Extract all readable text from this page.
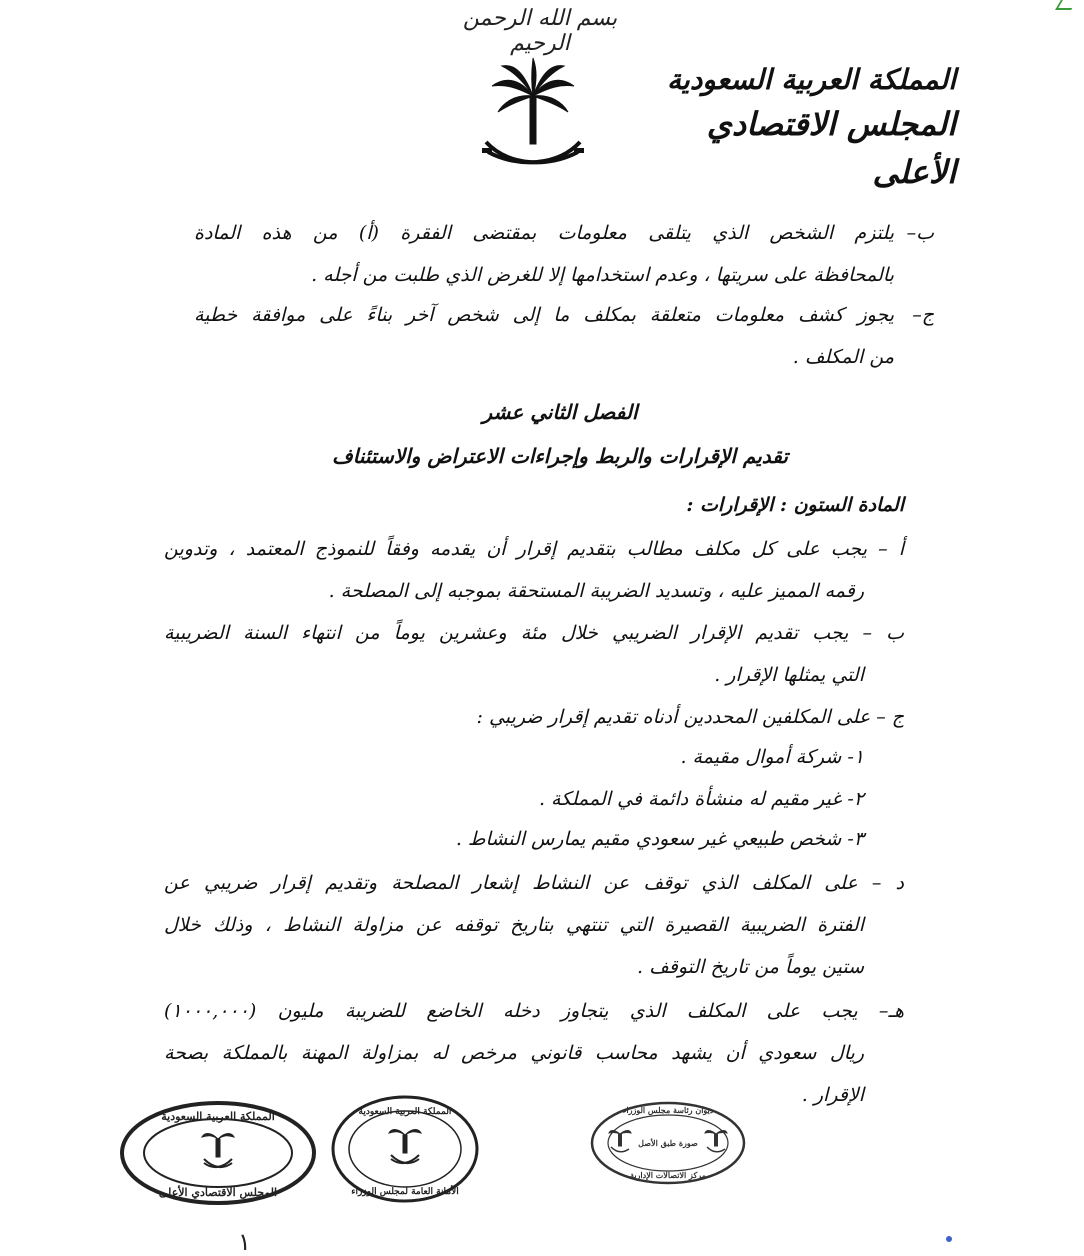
بسم الله الرحمن الرحيم
المملكة العربية السعودية
المجلس الاقتصادي الأعلى
ب–
يلتزم الشخص الذي يتلقى معلومات بمقتضى الفقرة (أ) من هذه المادة
بالمحافظة على سريتها ، وعدم استخدامها إلا للغرض الذي طلبت من أجله .
ج–
يجوز كشف معلومات متعلقة بمكلف ما إلى شخص آخر بناءً على موافقة خطية
من المكلف .
الفصل الثاني عشر
تقديم الإقرارات والربط وإجراءات الاعتراض والاستئناف
المادة الستون : الإقرارات :
أ – يجب على كل مكلف مطالب بتقديم إقرار أن يقدمه وفقاً للنموذج المعتمد ، وتدوين
رقمه المميز عليه ، وتسديد الضريبة المستحقة بموجبه إلى المصلحة .
ب – يجب تقديم الإقرار الضريبي خلال مئة وعشرين يوماً من انتهاء السنة الضريبية
التي يمثلها الإقرار .
ج – على المكلفين المحددين أدناه تقديم إقرار ضريبي :
١- شركة أموال مقيمة .
٢- غير مقيم له منشأة دائمة في المملكة .
٣- شخص طبيعي غير سعودي مقيم يمارس النشاط .
د – على المكلف الذي توقف عن النشاط إشعار المصلحة وتقديم إقرار ضريبي عن
الفترة الضريبية القصيرة التي تنتهي بتاريخ توقفه عن مزاولة النشاط ، وذلك خلال
ستين يوماً من تاريخ التوقف .
هـ– يجب على المكلف الذي يتجاوز دخله الخاضع للضريبة مليون (١٠٠٠,٠٠٠)
ريال سعودي أن يشهد محاسب قانوني مرخص له بمزاولة المهنة بالمملكة بصحة
الإقرار .
المملكة العربية السعودية
المجلس الاقتصادي الأعلى
المملكة العربية السعودية
الأمانة العامة لمجلس الوزراء
ديوان رئاسة مجلس الوزراء
صورة طبق الأصل
مركز الاتصالات الإدارية
١
